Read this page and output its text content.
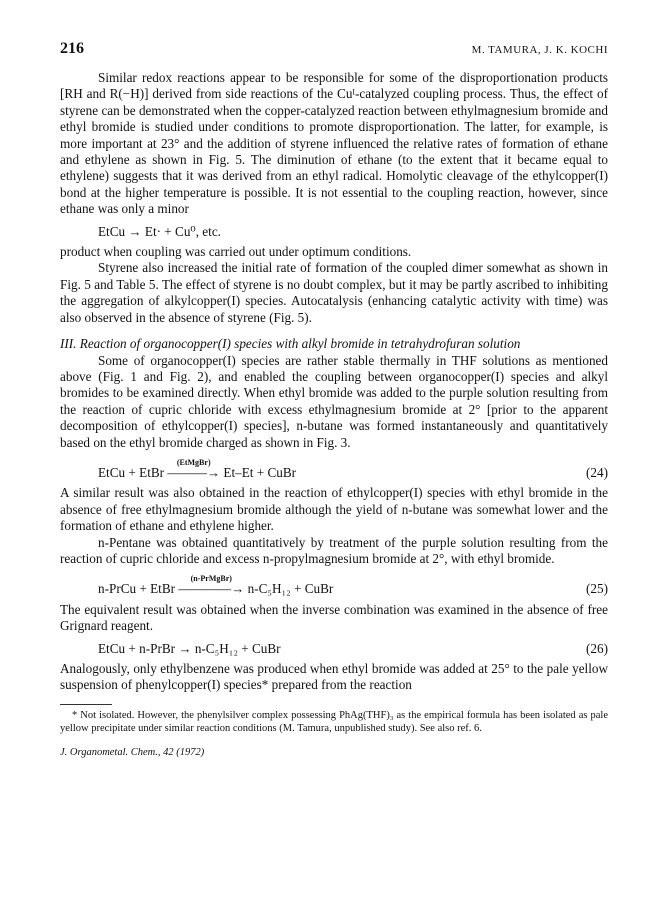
216	M. TAMURA, J. K. KOCHI

Similar redox reactions appear to be responsible for some of the disproportionation products [RH and R(−H)] derived from side reactions of the Cuᴵ-catalyzed coupling process. Thus, the effect of styrene can be demonstrated when the copper-catalyzed reaction between ethylmagnesium bromide and ethyl bromide is studied under conditions to promote disproportionation. The latter, for example, is more important at 23° and the addition of styrene influenced the relative rates of formation of ethane and ethylene as shown in Fig. 5. The diminution of ethane (to the extent that it became equal to ethylene) suggests that it was derived from an ethyl radical. Homolytic cleavage of the ethylcopper(I) bond at the higher temperature is possible. It is not essential to the coupling reaction, however, since ethane was only a minor

EtCu → Et· + Cu⁰, etc.

product when coupling was carried out under optimum conditions.

Styrene also increased the initial rate of formation of the coupled dimer somewhat as shown in Fig. 5 and Table 5. The effect of styrene is no doubt complex, but it may be partly ascribed to inhibiting the aggregation of alkylcopper(I) species. Autocatalysis (enhancing catalytic activity with time) was also observed in the absence of styrene (Fig. 5).

III. Reaction of organocopper(I) species with alkyl bromide in tetrahydrofuran solution

Some of organocopper(I) species are rather stable thermally in THF solutions as mentioned above (Fig. 1 and Fig. 2), and enabled the coupling between organocopper(I) species and alkyl bromides to be examined directly. When ethyl bromide was added to the purple solution resulting from the reaction of cupric chloride with excess ethylmagnesium bromide at 2° [prior to the apparent decomposition of ethylcopper(I) species], n-butane was formed instantaneously and quantitatively based on the ethyl bromide charged as shown in Fig. 3.

EtCu + EtBr
(EtMgBr)
———→ Et–Et + CuBr	(24)

A similar result was also obtained in the reaction of ethylcopper(I) species with ethyl bromide in the absence of free ethylmagnesium bromide although the yield of n-butane was somewhat lower and the formation of ethane and ethylene higher.

n-Pentane was obtained quantitatively by treatment of the purple solution resulting from the reaction of cupric chloride and excess n-propylmagnesium bromide at 2°, with ethyl bromide.

n-PrCu + EtBr
(n-PrMgBr)
————→ n-C₅H₁₂ + CuBr	(25)

The equivalent result was obtained when the inverse combination was examined in the absence of free Grignard reagent.

EtCu + n-PrBr → n-C₅H₁₂ + CuBr	(26)

Analogously, only ethylbenzene was produced when ethyl bromide was added at 25° to the pale yellow suspension of phenylcopper(I) species* prepared from the reaction

* Not isolated. However, the phenylsilver complex possessing PhAg(THF)₃ as the empirical formula has been isolated as pale yellow precipitate under similar reaction conditions (M. Tamura, unpublished study). See also ref. 6.
J. Organometal. Chem., 42 (1972)
